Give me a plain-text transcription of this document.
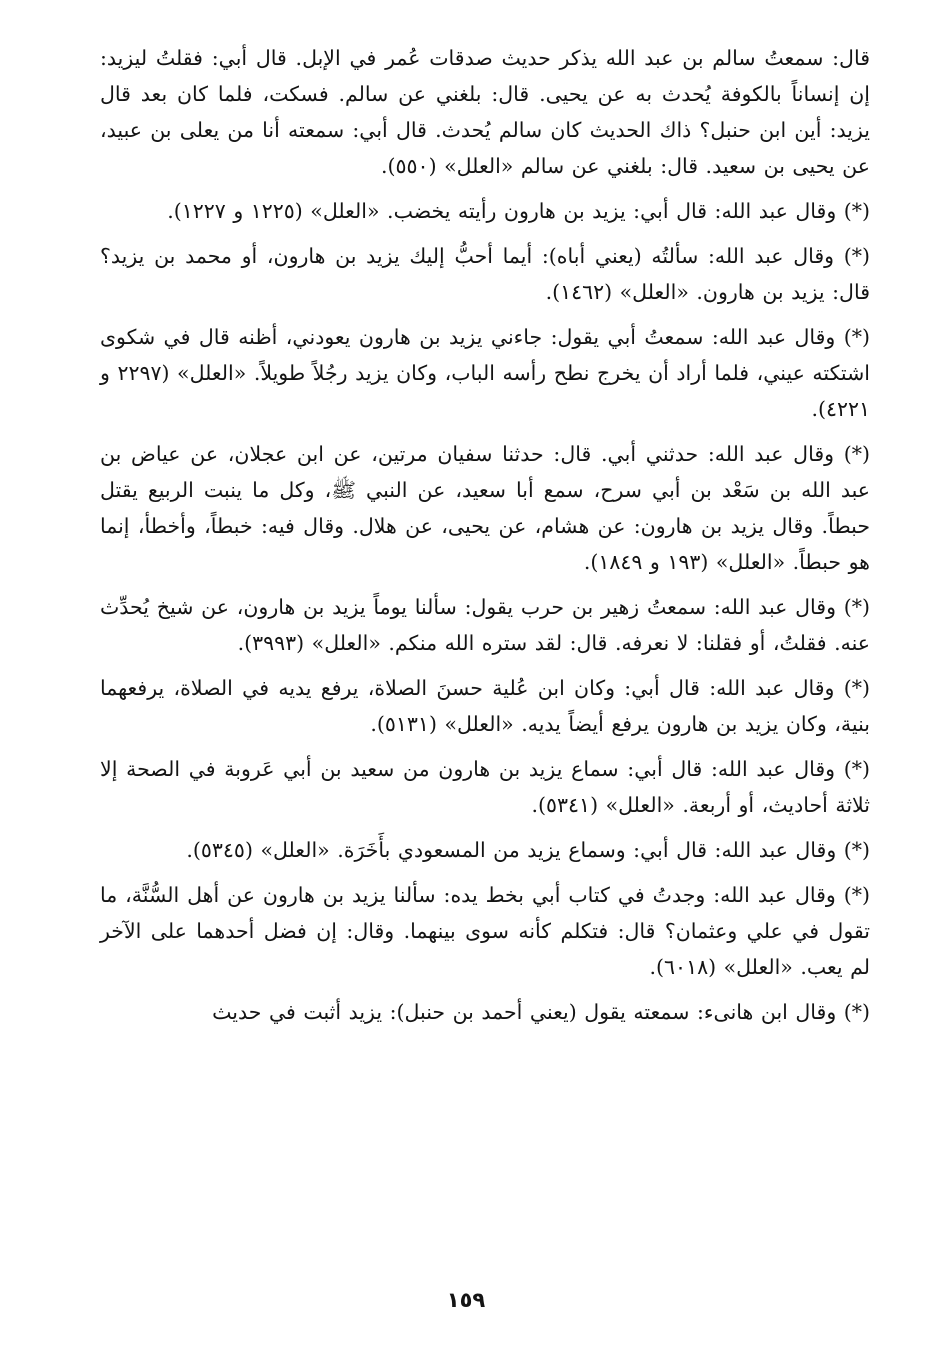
قال: سمعتُ سالم بن عبد الله يذكر حديث صدقات عُمر في الإبل. قال أبي: فقلتُ ليزيد: إن إنساناً بالكوفة يُحدث به عن يحيى. قال: بلغني عن سالم. فسكت، فلما كان بعد قال يزيد: أين ابن حنبل؟ ذاك الحديث كان سالم يُحدث. قال أبي: سمعته أنا من يعلى بن عبيد، عن يحيى بن سعيد. قال: بلغني عن سالم «العلل» (٥٥٠).

(*) وقال عبد الله: قال أبي: يزيد بن هارون رأيته يخضب. «العلل» (١٢٢٥ و ١٢٢٧).

(*) وقال عبد الله: سألتُه (يعني أباه): أيما أحبُّ إليك يزيد بن هارون، أو محمد بن يزيد؟ قال: يزيد بن هارون. «العلل» (١٤٦٢).

(*) وقال عبد الله: سمعتُ أبي يقول: جاءني يزيد بن هارون يعودني، أظنه قال في شكوى اشتكته عيني، فلما أراد أن يخرج نطح رأسه الباب، وكان يزيد رجُلاً طويلاً. «العلل» (٢٢٩٧ و ٤٢٢١).

(*) وقال عبد الله: حدثني أبي. قال: حدثنا سفيان مرتين، عن ابن عجلان، عن عياض بن عبد الله بن سَعْد بن أبي سرح، سمع أبا سعيد، عن النبي ﷺ، وكل ما ينبت الربيع يقتل حبطاً. وقال يزيد بن هارون: عن هشام، عن يحيى، عن هلال. وقال فيه: خبطاً، وأخطأ، إنما هو حبطاً. «العلل» (١٩٣ و ١٨٤٩).

(*) وقال عبد الله: سمعتُ زهير بن حرب يقول: سألنا يوماً يزيد بن هارون، عن شيخ يُحدِّث عنه. فقلتُ، أو فقلنا: لا نعرفه. قال: لقد ستره الله منكم. «العلل» (٣٩٩٣).

(*) وقال عبد الله: قال أبي: وكان ابن عُلية حسنَ الصلاة، يرفع يديه في الصلاة، يرفعهما بنية، وكان يزيد بن هارون يرفع أيضاً يديه. «العلل» (٥١٣١).

(*) وقال عبد الله: قال أبي: سماع يزيد بن هارون من سعيد بن أبي عَروبة في الصحة إلا ثلاثة أحاديث، أو أربعة. «العلل» (٥٣٤١).

(*) وقال عبد الله: قال أبي: وسماع يزيد من المسعودي بأَخَرَة. «العلل» (٥٣٤٥).

(*) وقال عبد الله: وجدتُ في كتاب أبي بخط يده: سألنا يزيد بن هارون عن أهل السُّنَّة، ما تقول في علي وعثمان؟ قال: فتكلم كأنه سوى بينهما. وقال: إن فضل أحدهما على الآخر لم يعب. «العلل» (٦٠١٨).

(*) وقال ابن هانىء: سمعته يقول (يعني أحمد بن حنبل): يزيد أثبت في حديث

١٥٩
